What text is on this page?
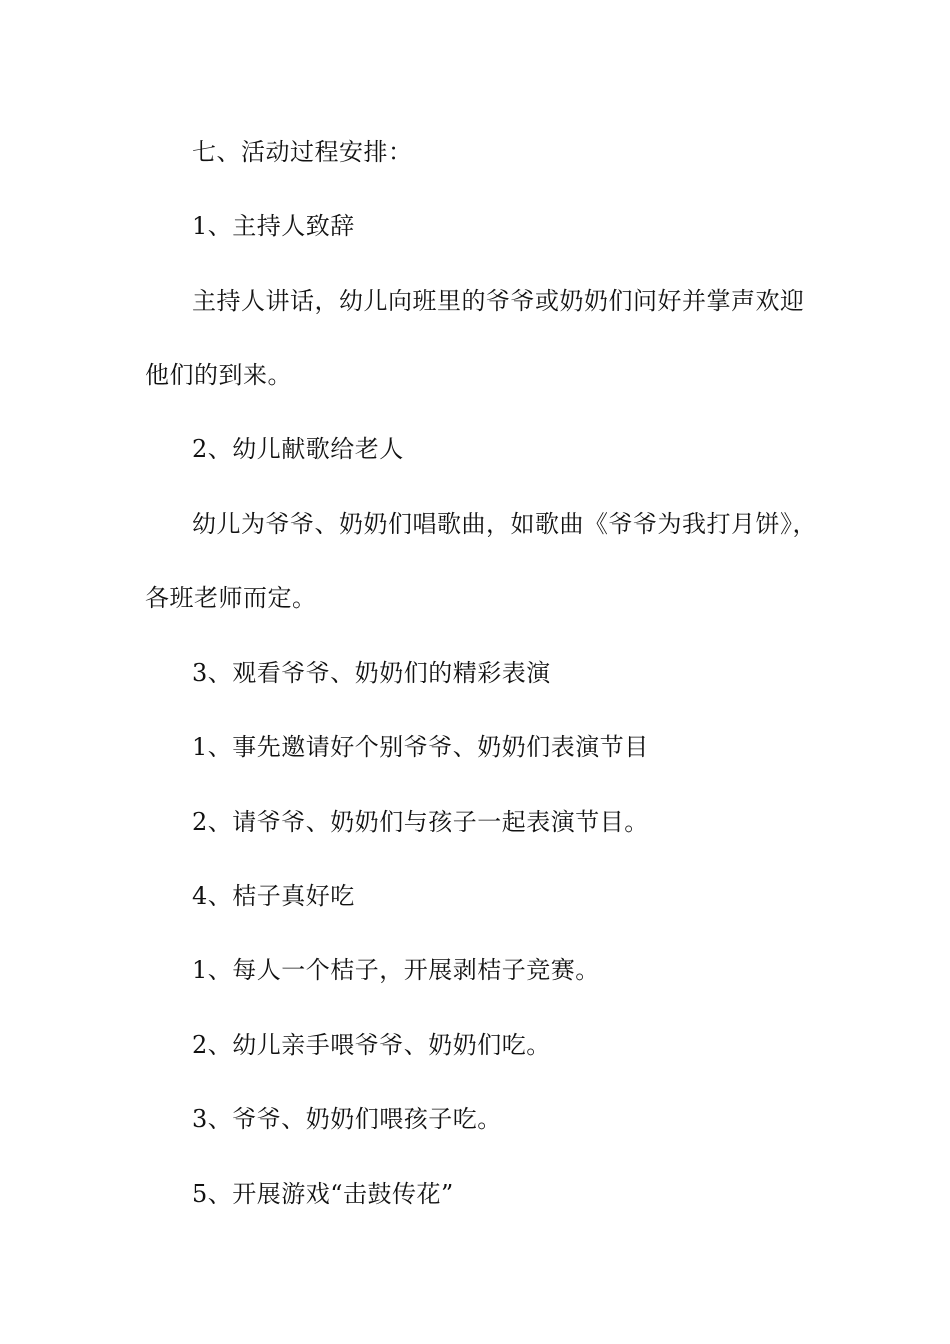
七、活动过程安排：
1、主持人致辞
主持人讲话，幼儿向班里的爷爷或奶奶们问好并掌声欢迎
他们的到来。
2、幼儿献歌给老人
幼儿为爷爷、奶奶们唱歌曲，如歌曲《爷爷为我打月饼》，
各班老师而定。
3、观看爷爷、奶奶们的精彩表演
1、事先邀请好个别爷爷、奶奶们表演节目
2、请爷爷、奶奶们与孩子一起表演节目。
4、桔子真好吃
1、每人一个桔子，开展剥桔子竞赛。
2、幼儿亲手喂爷爷、奶奶们吃。
3、爷爷、奶奶们喂孩子吃。
5、开展游戏“击鼓传花”
